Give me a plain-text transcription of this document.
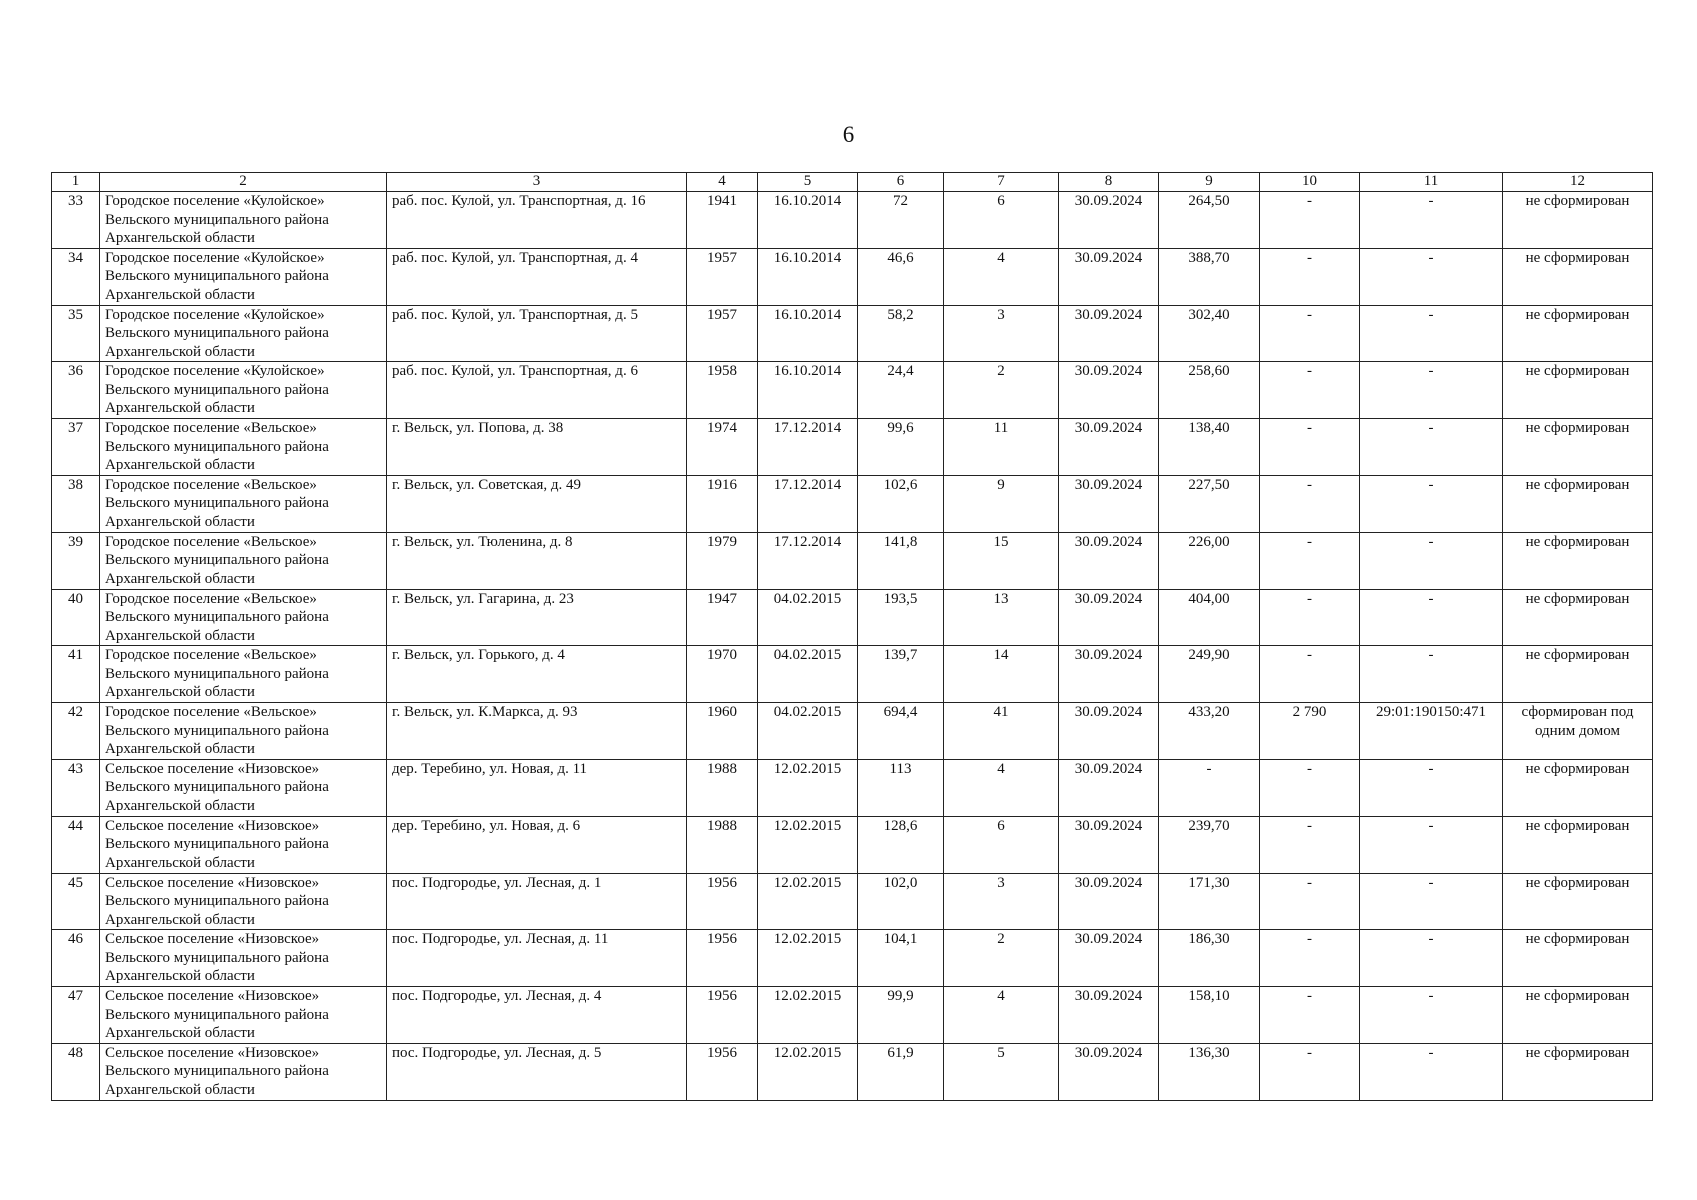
6
1	2	3	4	5	6	7	8	9	10	11	12
33	Городское поселение «Кулойское»
Вельского муниципального района
Архангельской области	раб. пос. Кулой, ул. Транспортная, д. 16	1941	16.10.2014	72	6	30.09.2024	264,50	-	-	не сформирован
34	Городское поселение «Кулойское»
Вельского муниципального района
Архангельской области	раб. пос. Кулой, ул. Транспортная, д. 4	1957	16.10.2014	46,6	4	30.09.2024	388,70	-	-	не сформирован
35	Городское поселение «Кулойское»
Вельского муниципального района
Архангельской области	раб. пос. Кулой, ул. Транспортная, д. 5	1957	16.10.2014	58,2	3	30.09.2024	302,40	-	-	не сформирован
36	Городское поселение «Кулойское»
Вельского муниципального района
Архангельской области	раб. пос. Кулой, ул. Транспортная, д. 6	1958	16.10.2014	24,4	2	30.09.2024	258,60	-	-	не сформирован
37	Городское поселение «Вельское»
Вельского муниципального района
Архангельской области	г. Вельск, ул. Попова, д. 38	1974	17.12.2014	99,6	11	30.09.2024	138,40	-	-	не сформирован
38	Городское поселение «Вельское»
Вельского муниципального района
Архангельской области	г. Вельск, ул. Советская, д. 49	1916	17.12.2014	102,6	9	30.09.2024	227,50	-	-	не сформирован
39	Городское поселение «Вельское»
Вельского муниципального района
Архангельской области	г. Вельск, ул. Тюленина, д. 8	1979	17.12.2014	141,8	15	30.09.2024	226,00	-	-	не сформирован
40	Городское поселение «Вельское»
Вельского муниципального района
Архангельской области	г. Вельск, ул. Гагарина, д. 23	1947	04.02.2015	193,5	13	30.09.2024	404,00	-	-	не сформирован
41	Городское поселение «Вельское»
Вельского муниципального района
Архангельской области	г. Вельск, ул. Горького, д. 4	1970	04.02.2015	139,7	14	30.09.2024	249,90	-	-	не сформирован
42	Городское поселение «Вельское»
Вельского муниципального района
Архангельской области	г. Вельск, ул. К.Маркса, д. 93	1960	04.02.2015	694,4	41	30.09.2024	433,20	2 790	29:01:190150:471	сформирован под одним домом
43	Сельское поселение «Низовское»
Вельского муниципального района
Архангельской области	дер. Теребино, ул. Новая, д. 11	1988	12.02.2015	113	4	30.09.2024	-	-	-	не сформирован
44	Сельское поселение «Низовское»
Вельского муниципального района
Архангельской области	дер. Теребино, ул. Новая, д. 6	1988	12.02.2015	128,6	6	30.09.2024	239,70	-	-	не сформирован
45	Сельское поселение «Низовское»
Вельского муниципального района
Архангельской области	пос. Подгородье, ул. Лесная, д. 1	1956	12.02.2015	102,0	3	30.09.2024	171,30	-	-	не сформирован
46	Сельское поселение «Низовское»
Вельского муниципального района
Архангельской области	пос. Подгородье, ул. Лесная, д. 11	1956	12.02.2015	104,1	2	30.09.2024	186,30	-	-	не сформирован
47	Сельское поселение «Низовское»
Вельского муниципального района
Архангельской области	пос. Подгородье, ул. Лесная, д. 4	1956	12.02.2015	99,9	4	30.09.2024	158,10	-	-	не сформирован
48	Сельское поселение «Низовское»
Вельского муниципального района
Архангельской области	пос. Подгородье, ул. Лесная, д. 5	1956	12.02.2015	61,9	5	30.09.2024	136,30	-	-	не сформирован
